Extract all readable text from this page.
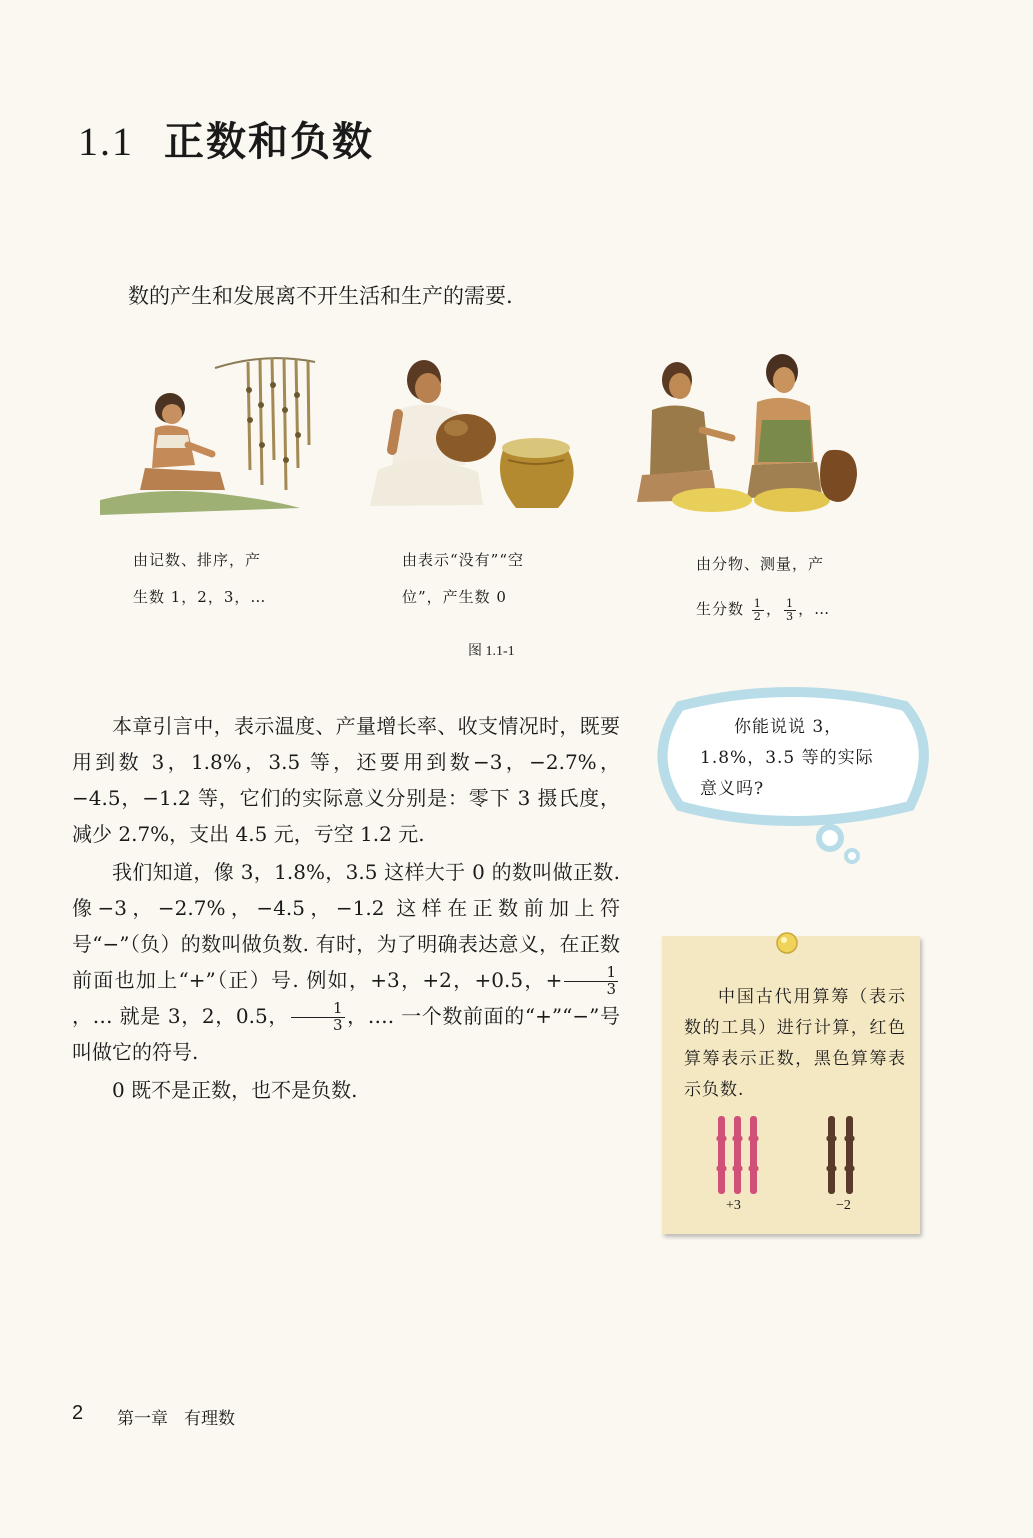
1.1 正数和负数
数的产生和发展离不开生活和生产的需要.
由记数、排序，产
生数 1，2，3，…
由表示“没有”“空
位”，产生数 0
由分物、测量，产
生分数 $\frac{1}{2}$ ， $\frac{1}{3}$ ，…
图 1.1-1
你能说说 3，1.8%，3.5 等的实际意义吗?

本章引言中，表示温度、产量增长率、收支情况时，既要用到数 3，1.8%，3.5 等，还要用到数−3，−2.7%，−4.5，−1.2 等，它们的实际意义分别是：零下 3 摄氏度，减少 2.7%，支出 4.5 元，亏空 1.2 元.

我们知道，像 3，1.8%，3.5 这样大于 0 的数叫做正数. 像−3，−2.7%，−4.5，−1.2 这样在正数前加上符号“−”（负）的数叫做负数. 有时，为了明确表达意义，在正数前面也加上“+”（正）号. 例如，+3，+2，+0.5，+ $\frac{1}{3}$
，… 就是 3，2，0.5， $\frac{1}{3}$ ，…. 一个数前面的“+”“−”号叫做它的符号.

0 既不是正数，也不是负数.

中国古代用算筹（表示数的工具）进行计算，红色算筹表示正数，黑色算筹表示负数.

+3	−2
2 第一章 有理数
